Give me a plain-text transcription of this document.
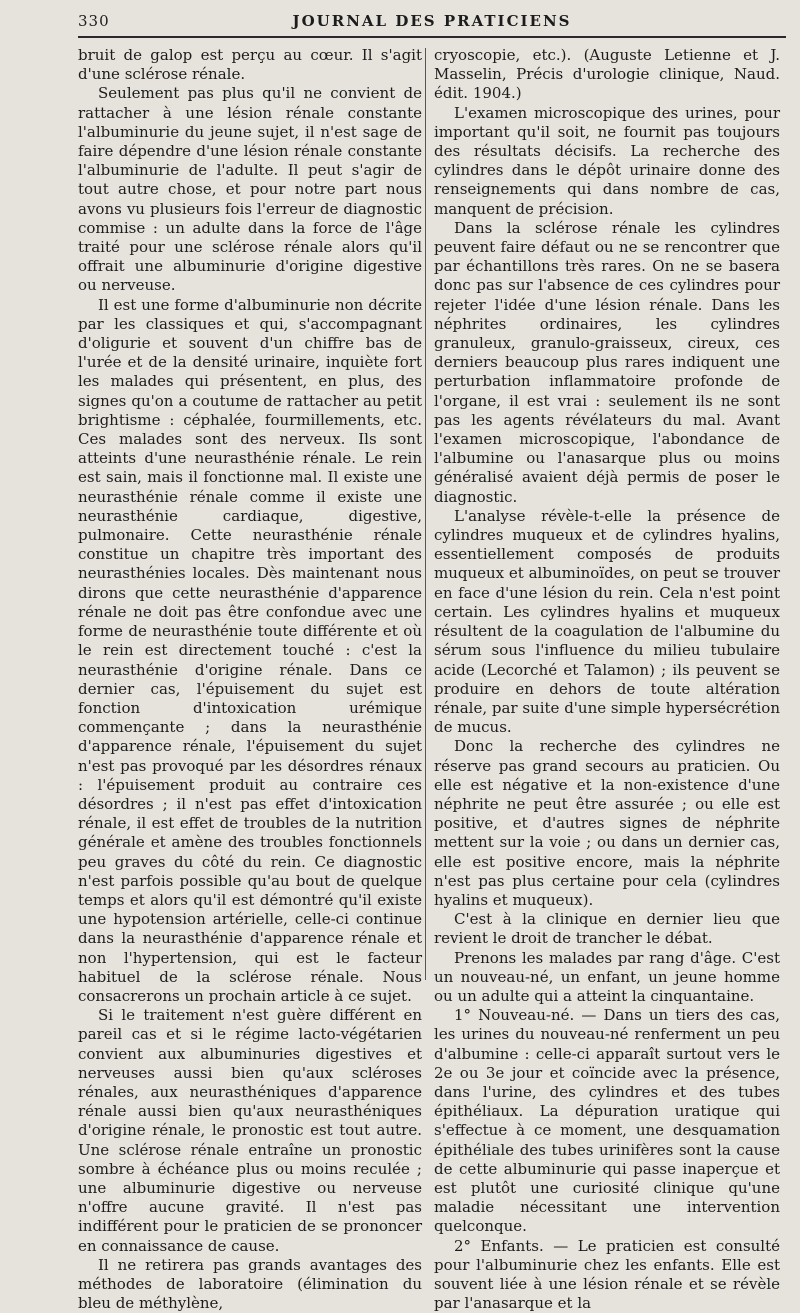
330	JOURNAL DES PRATICIENS

bruit de galop est perçu au cœur. Il s'agit d'une sclérose rénale.

Seulement pas plus qu'il ne convient de rattacher à une lésion rénale constante l'albuminurie du jeune sujet, il n'est sage de faire dépendre d'une lésion rénale constante l'albuminurie de l'adulte. Il peut s'agir de tout autre chose, et pour notre part nous avons vu plusieurs fois l'erreur de diagnostic commise : un adulte dans la force de l'âge traité pour une sclérose rénale alors qu'il offrait une albuminurie d'origine digestive ou nerveuse.

Il est une forme d'albuminurie non décrite par les classiques et qui, s'accompagnant d'oligurie et souvent d'un chiffre bas de l'urée et de la densité urinaire, inquiète fort les malades qui présentent, en plus, des signes qu'on a coutume de rattacher au petit brightisme : céphalée, fourmillements, etc. Ces malades sont des nerveux. Ils sont atteints d'une neurasthénie rénale. Le rein est sain, mais il fonctionne mal. Il existe une neurasthénie rénale comme il existe une neurasthénie cardiaque, digestive, pulmonaire. Cette neurasthénie rénale constitue un chapitre très important des neurasthénies locales. Dès maintenant nous dirons que cette neurasthénie d'apparence rénale ne doit pas être confondue avec une forme de neurasthénie toute différente et où le rein est directement touché : c'est la neurasthénie d'origine rénale. Dans ce dernier cas, l'épuisement du sujet est fonction d'intoxication urémique commençante ; dans la neurasthénie d'apparence rénale, l'épuisement du sujet n'est pas provoqué par les désordres rénaux : l'épuisement produit au contraire ces désordres ; il n'est pas effet d'intoxication rénale, il est effet de troubles de la nutrition générale et amène des troubles fonctionnels peu graves du côté du rein. Ce diagnostic n'est parfois possible qu'au bout de quelque temps et alors qu'il est démontré qu'il existe une hypotension artérielle, celle-ci continue dans la neurasthénie d'apparence rénale et non l'hypertension, qui est le facteur habituel de la sclérose rénale. Nous consacrerons un prochain article à ce sujet.

Si le traitement n'est guère différent en pareil cas et si le régime lacto-végétarien convient aux albuminuries digestives et nerveuses aussi bien qu'aux scléroses rénales, aux neurasthéniques d'apparence rénale aussi bien qu'aux neurasthéniques d'origine rénale, le pronostic est tout autre. Une sclérose rénale entraîne un pronostic sombre à échéance plus ou moins reculée ; une albuminurie digestive ou nerveuse n'offre aucune gravité. Il n'est pas indifférent pour le praticien de se prononcer en connaissance de cause.

Il ne retirera pas grands avantages des méthodes de laboratoire (élimination du bleu de méthylène,

cryoscopie, etc.). (Auguste Letienne et J. Masselin, Précis d'urologie clinique, Naud. édit. 1904.)

L'examen microscopique des urines, pour important qu'il soit, ne fournit pas toujours des résultats décisifs. La recherche des cylindres dans le dépôt urinaire donne des renseignements qui dans nombre de cas, manquent de précision.

Dans la sclérose rénale les cylindres peuvent faire défaut ou ne se rencontrer que par échantillons très rares. On ne se basera donc pas sur l'absence de ces cylindres pour rejeter l'idée d'une lésion rénale. Dans les néphrites ordinaires, les cylindres granuleux, granulo-graisseux, cireux, ces derniers beaucoup plus rares indiquent une perturbation inflammatoire profonde de l'organe, il est vrai : seulement ils ne sont pas les agents révélateurs du mal. Avant l'examen microscopique, l'abondance de l'albumine ou l'anasarque plus ou moins généralisé avaient déjà permis de poser le diagnostic.

L'analyse révèle-t-elle la présence de cylindres muqueux et de cylindres hyalins, essentiellement composés de produits muqueux et albuminoïdes, on peut se trouver en face d'une lésion du rein. Cela n'est point certain. Les cylindres hyalins et muqueux résultent de la coagulation de l'albumine du sérum sous l'influence du milieu tubulaire acide (Lecorché et Talamon) ; ils peuvent se produire en dehors de toute altération rénale, par suite d'une simple hypersécrétion de mucus.

Donc la recherche des cylindres ne réserve pas grand secours au praticien. Ou elle est négative et la non-existence d'une néphrite ne peut être assurée ; ou elle est positive, et d'autres signes de néphrite mettent sur la voie ; ou dans un dernier cas, elle est positive encore, mais la néphrite n'est pas plus certaine pour cela (cylindres hyalins et muqueux).

C'est à la clinique en dernier lieu que revient le droit de trancher le débat.

Prenons les malades par rang d'âge. C'est un nouveau-né, un enfant, un jeune homme ou un adulte qui a atteint la cinquantaine.

1° Nouveau-né. — Dans un tiers des cas, les urines du nouveau-né renferment un peu d'albumine : celle-ci apparaît surtout vers le 2e ou 3e jour et coïncide avec la présence, dans l'urine, des cylindres et des tubes épithéliaux. La dépuration uratique qui s'effectue à ce moment, une desquamation épithéliale des tubes urinifères sont la cause de cette albuminurie qui passe inaperçue et est plutôt une curiosité clinique qu'une maladie nécessitant une intervention quelconque.

2° Enfants. — Le praticien est consulté pour l'albuminurie chez les enfants. Elle est souvent liée à une lésion rénale et se révèle par l'anasarque et la
